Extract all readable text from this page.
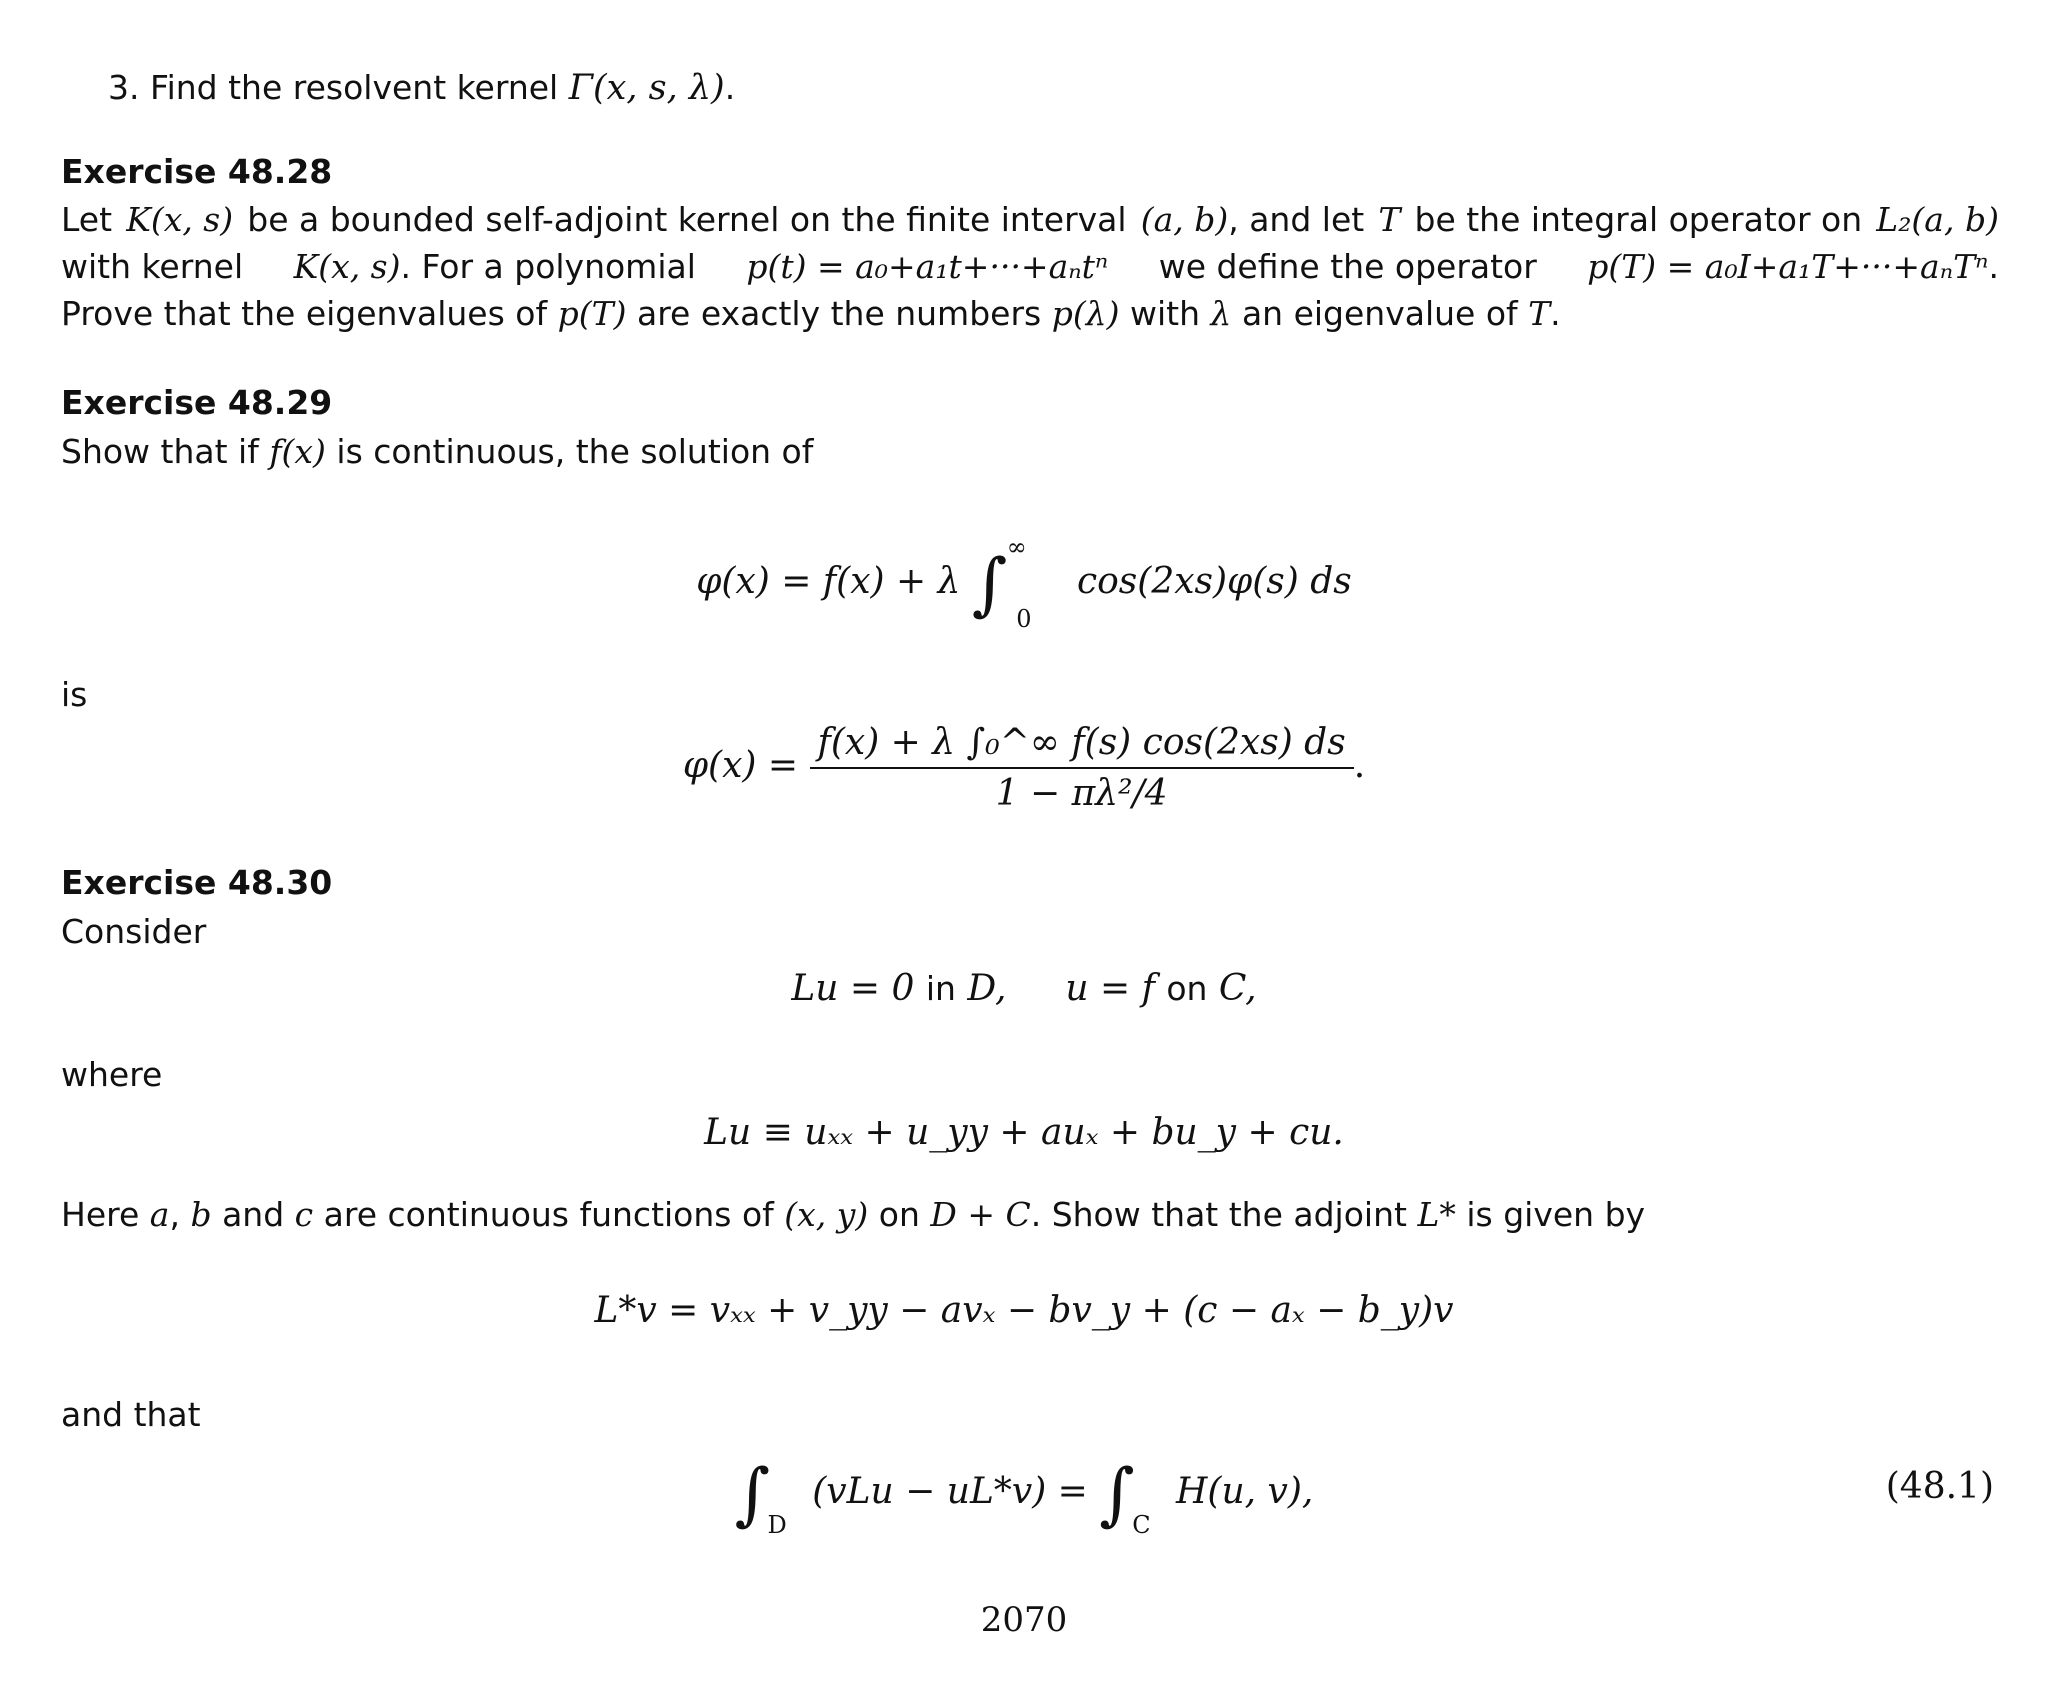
3. Find the resolvent kernel Γ(x, s, λ).
Exercise 48.28
Let K(x, s) be a bounded self-adjoint kernel on the finite interval (a, b), and let T be the integral operator on L₂(a, b)
with kernel K(x, s). For a polynomial p(t) = a₀+a₁t+···+aₙtⁿ we define the operator p(T) = a₀I+a₁T+···+aₙTⁿ.
Prove that the eigenvalues of p(T) are exactly the numbers p(λ) with λ an eigenvalue of T.
Exercise 48.29
Show that if f(x) is continuous, the solution of
φ(x) = f(x) + λ ∫ ∞ $_0$ cos(2xs)φ(s) ds
is
$\varphi(x) = \frac{\text{f(x) + λ ∫₀\textasciicircum{}∞ f(s) cos(2xs) ds}}{\text{1 − πλ²/4}}$ .
Exercise 48.30
Consider
Lu = 0 in D, u = f on C,
where
Lu ≡ uₓₓ + u_yy + auₓ + bu_y + cu.
Here a, b and c are continuous functions of (x, y) on D + C. Show that the adjoint L* is given by
L*v = vₓₓ + v_yy − avₓ − bv_y + (c − aₓ − b_y)v
and that
∫ $_D$ (vLu − uL*v) = ∫ $_C$ H(u, v),	(48.1)
2070
